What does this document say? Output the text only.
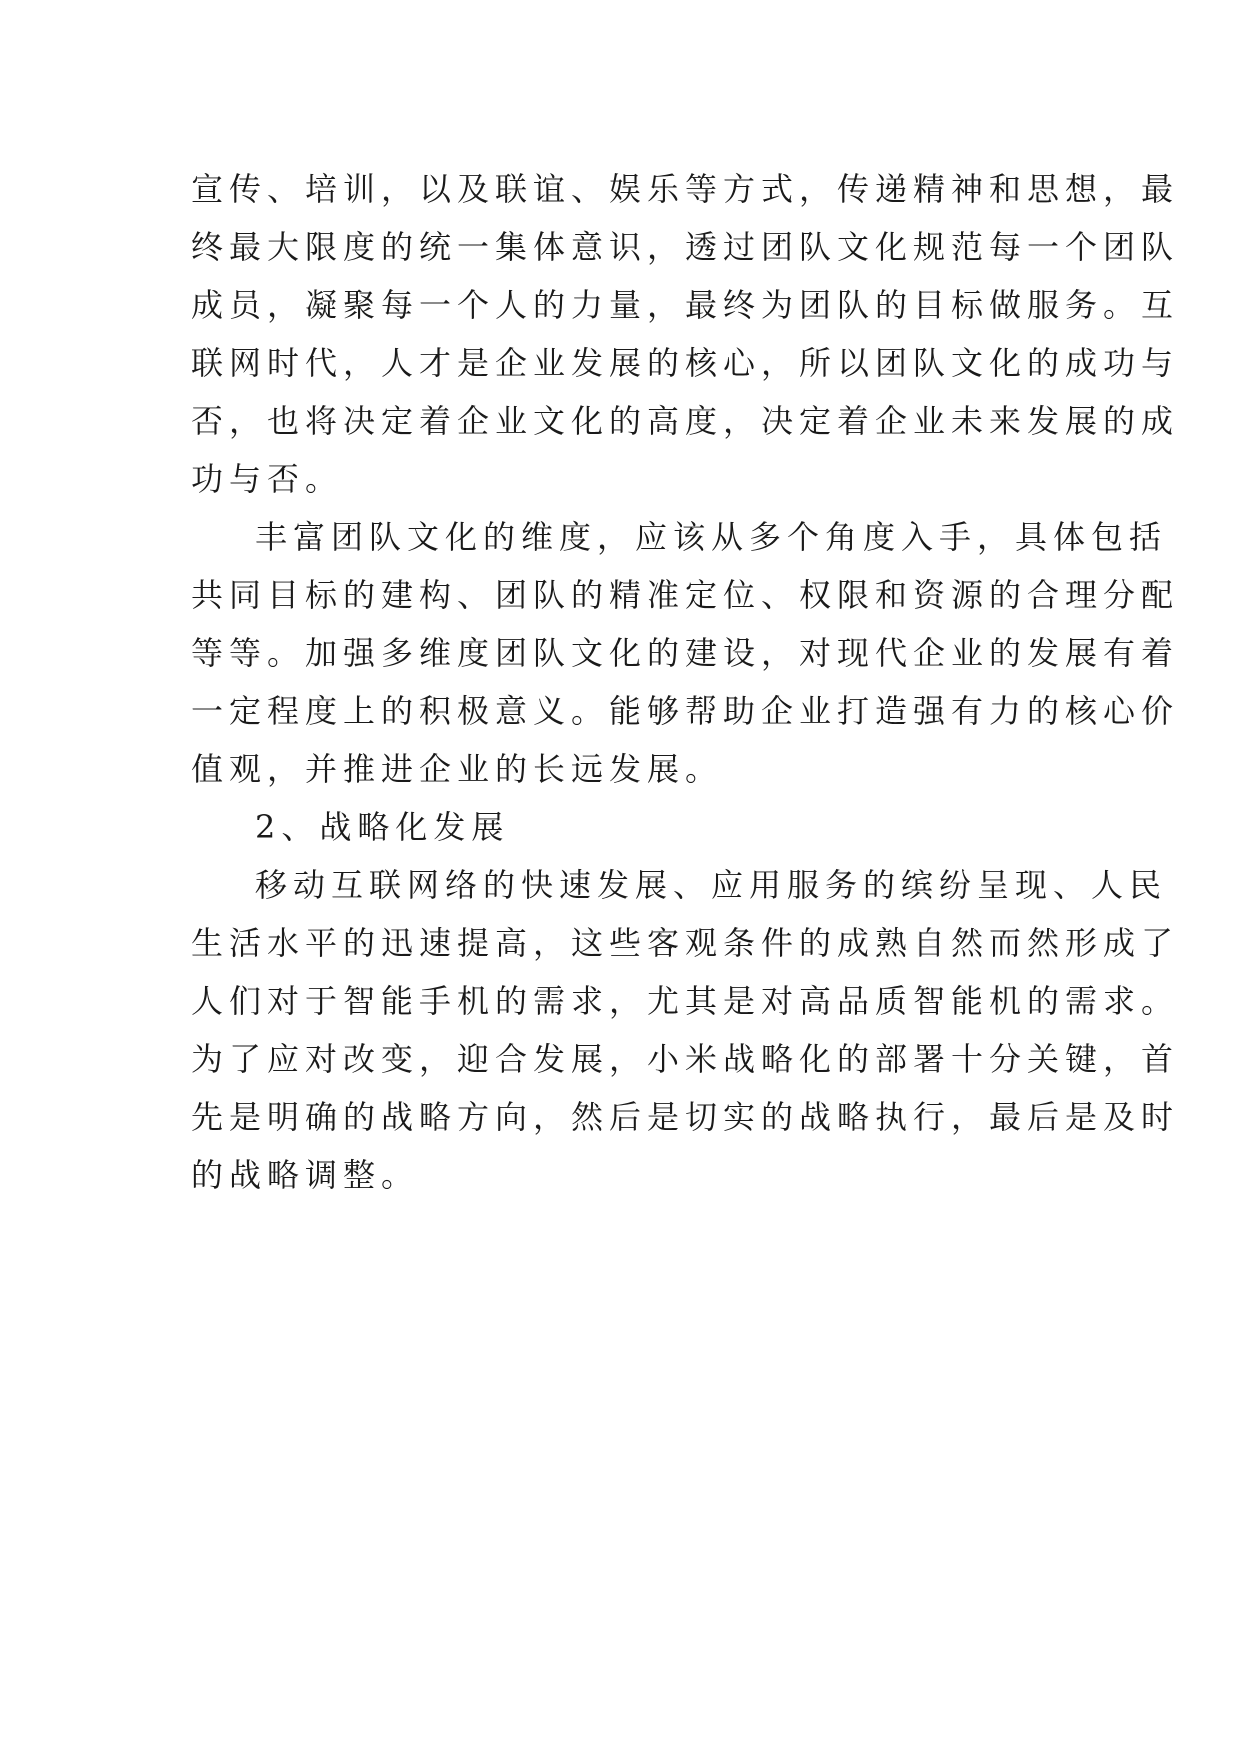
宣传、培训，以及联谊、娱乐等方式，传递精神和思想，最
终最大限度的统一集体意识，透过团队文化规范每一个团队
成员，凝聚每一个人的力量，最终为团队的目标做服务。互
联网时代，人才是企业发展的核心，所以团队文化的成功与
否，也将决定着企业文化的高度，决定着企业未来发展的成
功与否。
丰富团队文化的维度，应该从多个角度入手，具体包括
共同目标的建构、团队的精准定位、权限和资源的合理分配
等等。加强多维度团队文化的建设，对现代企业的发展有着
一定程度上的积极意义。能够帮助企业打造强有力的核心价
值观，并推进企业的长远发展。
2、战略化发展
移动互联网络的快速发展、应用服务的缤纷呈现、人民
生活水平的迅速提高，这些客观条件的成熟自然而然形成了
人们对于智能手机的需求，尤其是对高品质智能机的需求。
为了应对改变，迎合发展，小米战略化的部署十分关键，首
先是明确的战略方向，然后是切实的战略执行，最后是及时
的战略调整。
